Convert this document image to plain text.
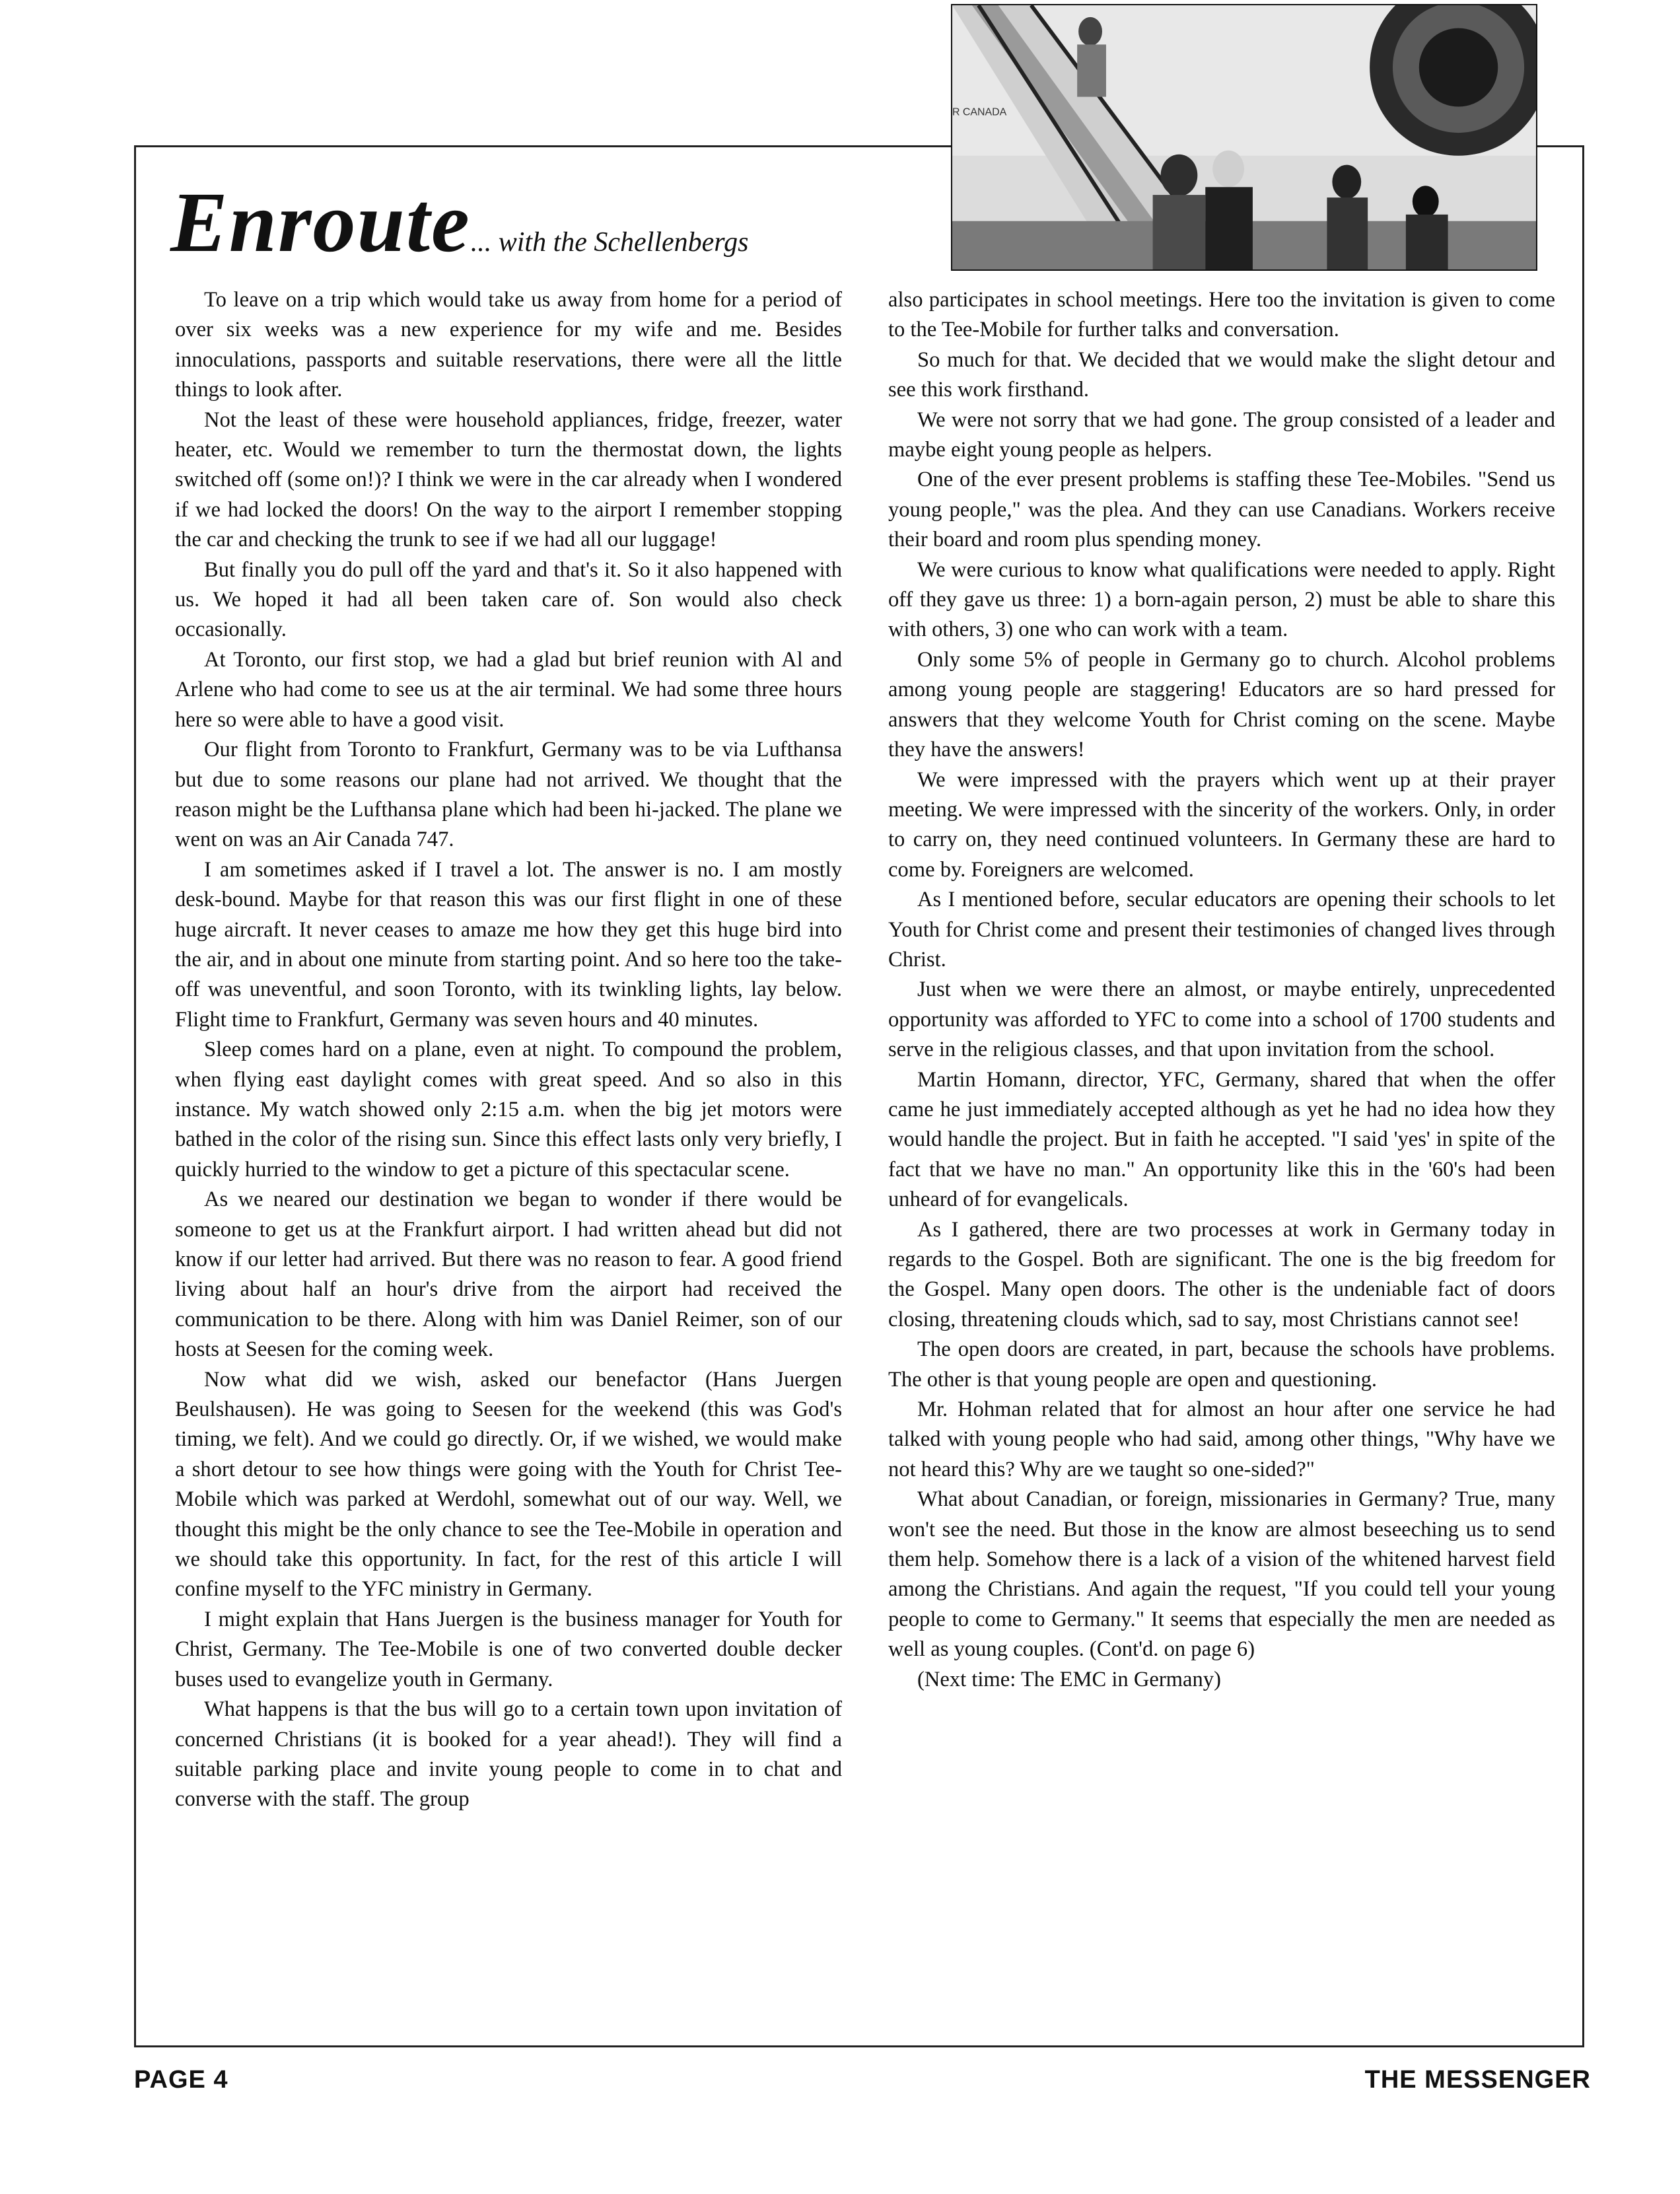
R CANADA
Enroute... with the Schellenbergs

To leave on a trip which would take us away from home for a period of over six weeks was a new experience for my wife and me. Besides innoculations, passports and suitable reservations, there were all the little things to look after.

Not the least of these were household appliances, fridge, freezer, water heater, etc. Would we remember to turn the thermostat down, the lights switched off (some on!)? I think we were in the car already when I wondered if we had locked the doors! On the way to the airport I remember stopping the car and checking the trunk to see if we had all our luggage!

But finally you do pull off the yard and that's it. So it also happened with us. We hoped it had all been taken care of. Son would also check occasionally.

At Toronto, our first stop, we had a glad but brief reunion with Al and Arlene who had come to see us at the air terminal. We had some three hours here so were able to have a good visit.

Our flight from Toronto to Frankfurt, Germany was to be via Lufthansa but due to some reasons our plane had not arrived. We thought that the reason might be the Lufthansa plane which had been hi-jacked. The plane we went on was an Air Canada 747.

I am sometimes asked if I travel a lot. The answer is no. I am mostly desk-bound. Maybe for that reason this was our first flight in one of these huge aircraft. It never ceases to amaze me how they get this huge bird into the air, and in about one minute from starting point. And so here too the take-off was uneventful, and soon Toronto, with its twinkling lights, lay below. Flight time to Frankfurt, Germany was seven hours and 40 minutes.

Sleep comes hard on a plane, even at night. To compound the problem, when flying east daylight comes with great speed. And so also in this instance. My watch showed only 2:15 a.m. when the big jet motors were bathed in the color of the rising sun. Since this effect lasts only very briefly, I quickly hurried to the window to get a picture of this spectacular scene.

As we neared our destination we began to wonder if there would be someone to get us at the Frankfurt airport. I had written ahead but did not know if our letter had arrived. But there was no reason to fear. A good friend living about half an hour's drive from the airport had received the communication to be there. Along with him was Daniel Reimer, son of our hosts at Seesen for the coming week.

Now what did we wish, asked our benefactor (Hans Juergen Beulshausen). He was going to Seesen for the weekend (this was God's timing, we felt). And we could go directly. Or, if we wished, we would make a short detour to see how things were going with the Youth for Christ Tee-Mobile which was parked at Werdohl, somewhat out of our way. Well, we thought this might be the only chance to see the Tee-Mobile in operation and we should take this opportunity. In fact, for the rest of this article I will confine myself to the YFC ministry in Germany.

I might explain that Hans Juergen is the business manager for Youth for Christ, Germany. The Tee-Mobile is one of two converted double decker buses used to evangelize youth in Germany.

What happens is that the bus will go to a certain town upon invitation of concerned Christians (it is booked for a year ahead!). They will find a suitable parking place and invite young people to come in to chat and converse with the staff. The group

also participates in school meetings. Here too the invitation is given to come to the Tee-Mobile for further talks and conversation.

So much for that. We decided that we would make the slight detour and see this work firsthand.

We were not sorry that we had gone. The group consisted of a leader and maybe eight young people as helpers.

One of the ever present problems is staffing these Tee-Mobiles. "Send us young people," was the plea. And they can use Canadians. Workers receive their board and room plus spending money.

We were curious to know what qualifications were needed to apply. Right off they gave us three: 1) a born-again person, 2) must be able to share this with others, 3) one who can work with a team.

Only some 5% of people in Germany go to church. Alcohol problems among young people are staggering! Educators are so hard pressed for answers that they welcome Youth for Christ coming on the scene. Maybe they have the answers!

We were impressed with the prayers which went up at their prayer meeting. We were impressed with the sincerity of the workers. Only, in order to carry on, they need continued volunteers. In Germany these are hard to come by. Foreigners are welcomed.

As I mentioned before, secular educators are opening their schools to let Youth for Christ come and present their testimonies of changed lives through Christ.

Just when we were there an almost, or maybe entirely, unprecedented opportunity was afforded to YFC to come into a school of 1700 students and serve in the religious classes, and that upon invitation from the school.

Martin Homann, director, YFC, Germany, shared that when the offer came he just immediately accepted although as yet he had no idea how they would handle the project. But in faith he accepted. "I said 'yes' in spite of the fact that we have no man." An opportunity like this in the '60's had been unheard of for evangelicals.

As I gathered, there are two processes at work in Germany today in regards to the Gospel. Both are significant. The one is the big freedom for the Gospel. Many open doors. The other is the undeniable fact of doors closing, threatening clouds which, sad to say, most Christians cannot see!

The open doors are created, in part, because the schools have problems. The other is that young people are open and questioning.

Mr. Hohman related that for almost an hour after one service he had talked with young people who had said, among other things, "Why have we not heard this? Why are we taught so one-sided?"

What about Canadian, or foreign, missionaries in Germany? True, many won't see the need. But those in the know are almost beseeching us to send them help. Somehow there is a lack of a vision of the whitened harvest field among the Christians. And again the request, "If you could tell your young people to come to Germany." It seems that especially the men are needed as well as young couples. (Cont'd. on page 6)

(Next time: The EMC in Germany)

PAGE 4	THE MESSENGER
